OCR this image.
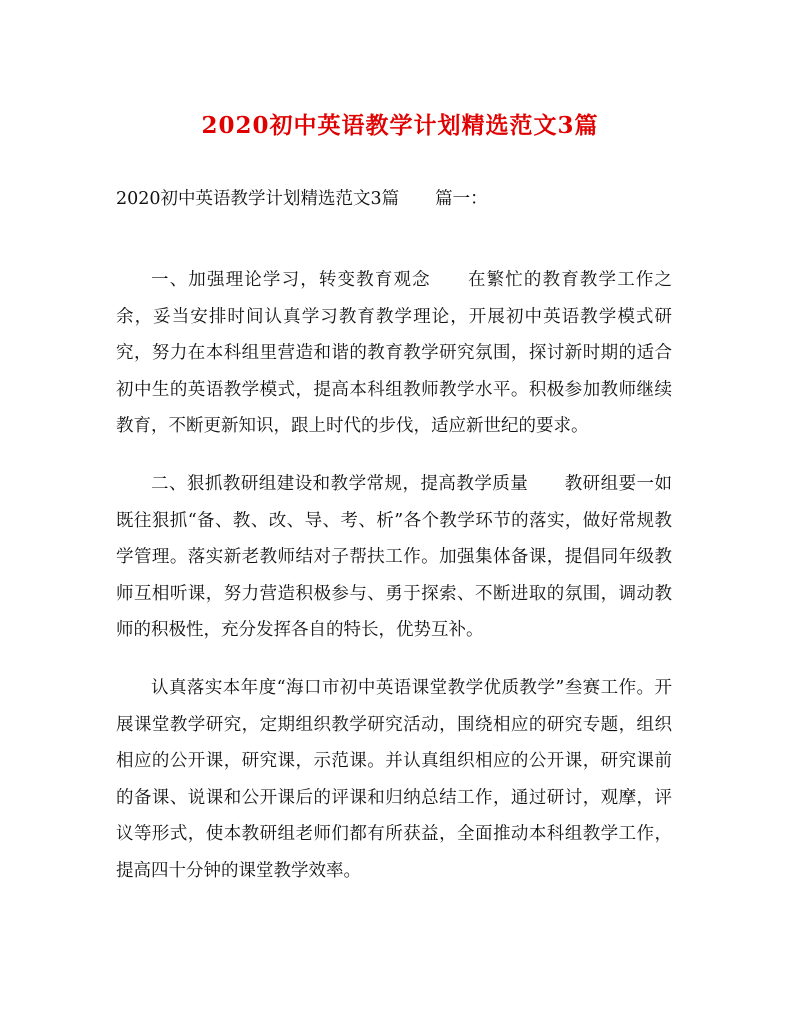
2020初中英语教学计划精选范文3篇
2020初中英语教学计划精选范文3篇 篇一：

一、加强理论学习，转变教育观念 在繁忙的教育教学工作之余，妥当安排时间认真学习教育教学理论，开展初中英语教学模式研究，努力在本科组里营造和谐的教育教学研究氛围，探讨新时期的适合初中生的英语教学模式，提高本科组教师教学水平。积极参加教师继续教育，不断更新知识，跟上时代的步伐，适应新世纪的要求。

二、狠抓教研组建设和教学常规，提高教学质量 教研组要一如既往狠抓“备、教、改、导、考、析”各个教学环节的落实，做好常规教学管理。落实新老教师结对子帮扶工作。加强集体备课，提倡同年级教师互相听课，努力营造积极参与、勇于探索、不断进取的氛围，调动教师的积极性，充分发挥各自的特长，优势互补。

认真落实本年度“海口市初中英语课堂教学优质教学”叁赛工作。开展课堂教学研究，定期组织教学研究活动，围绕相应的研究专题，组织相应的公开课，研究课，示范课。并认真组织相应的公开课，研究课前的备课、说课和公开课后的评课和归纳总结工作，通过研讨，观摩，评议等形式，使本教研组老师们都有所获益，全面推动本科组教学工作，提高四十分钟的课堂教学效率。
